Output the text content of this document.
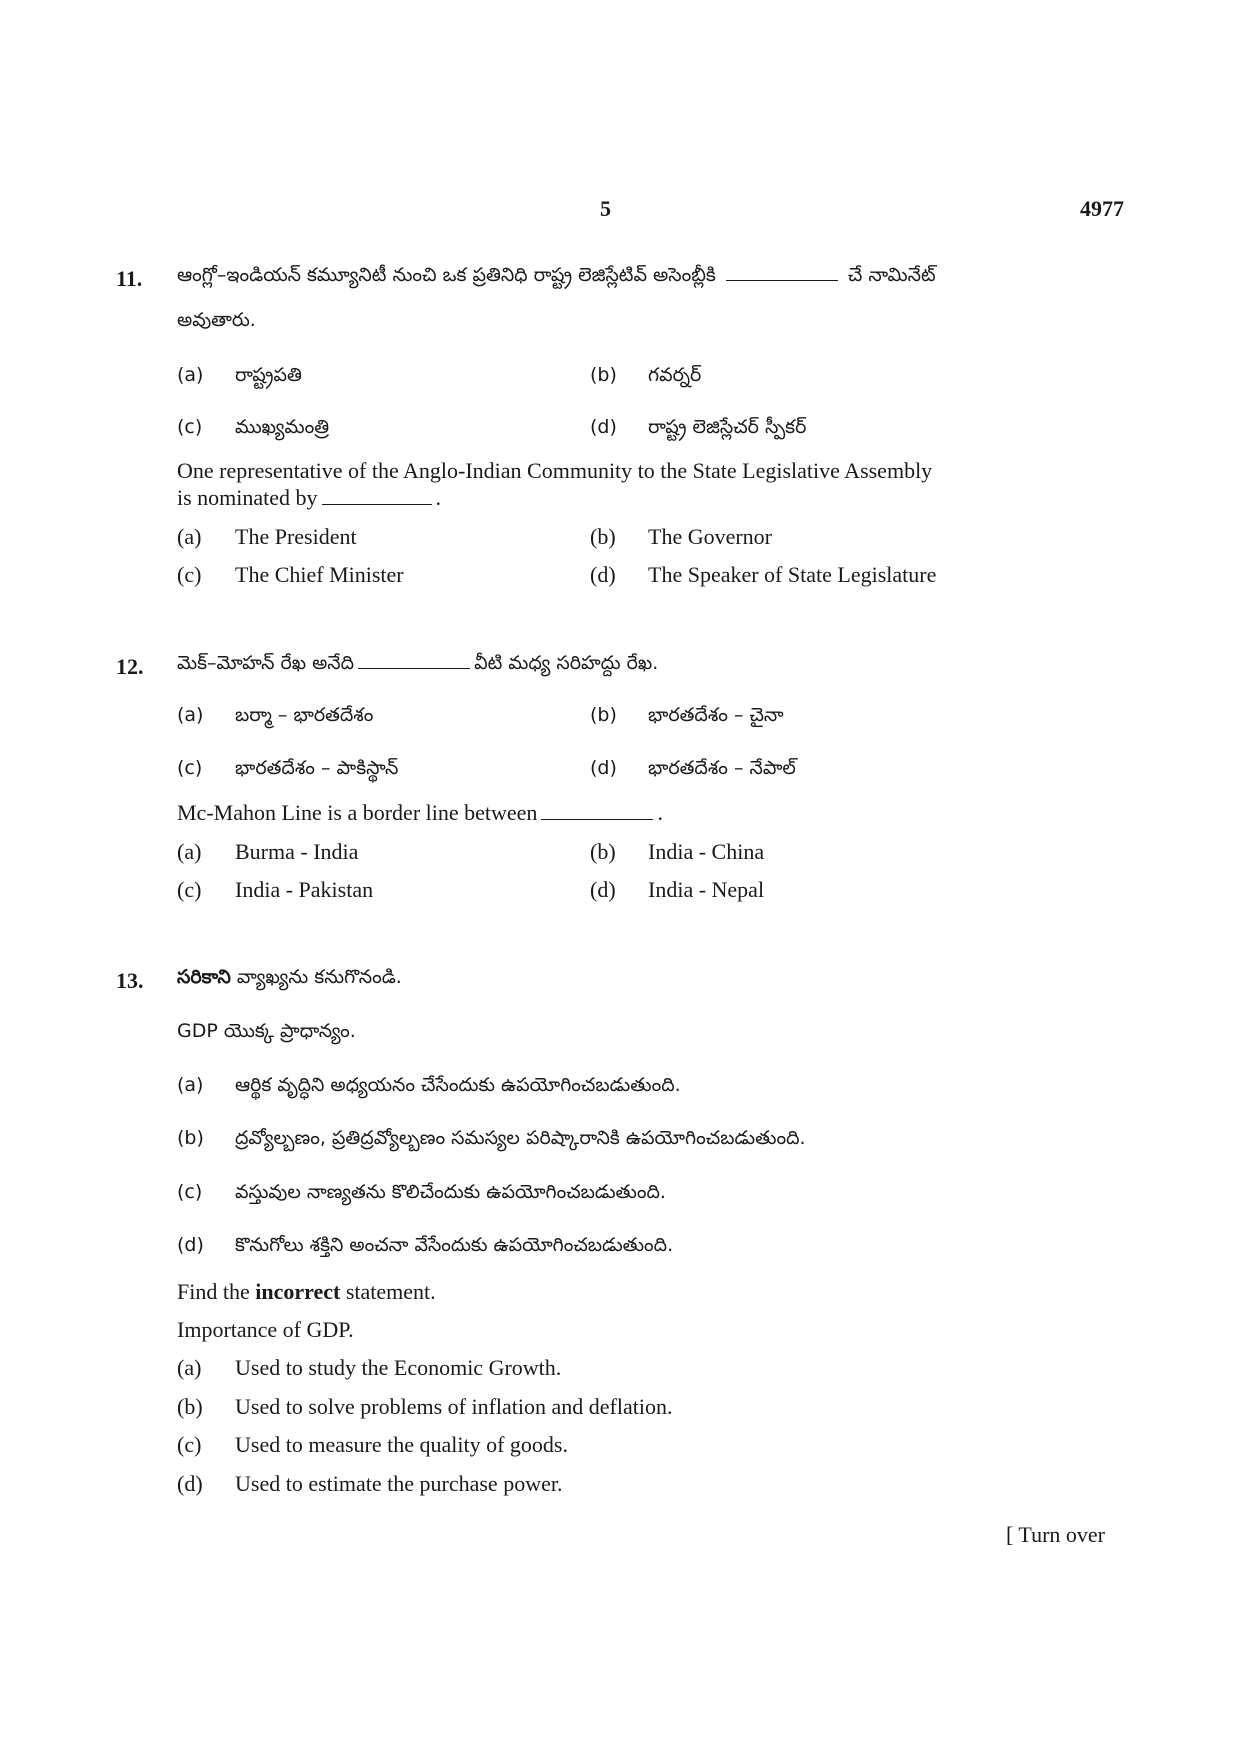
5	4977
11. ఆంగ్లో–ఇండియన్ కమ్యూనిటీ నుంచి ఒక ప్రతినిధి రాష్ట్ర లెజిస్లేటివ్ అసెంబ్లీకి	చే నామినేట్
అవుతారు.
(a) రాష్ట్రపతి	(b) గవర్నర్
(c) ముఖ్యమంత్రి	(d) రాష్ట్ర లెజిస్లేచర్ స్పీకర్
One representative of the Anglo-Indian Community to the State Legislative Assembly
is nominated by	.
(a) The President	(b) The Governor
(c) The Chief Minister	(d) The Speaker of State Legislature
12. మెక్–మోహన్ రేఖ అనేది	వీటి మధ్య సరిహద్దు రేఖ.
(a) బర్మా – భారతదేశం	(b) భారతదేశం – చైనా
(c) భారతదేశం – పాకిస్థాన్	(d) భారతదేశం – నేపాల్
Mc-Mahon Line is a border line between	.
(a) Burma - India	(b) India - China
(c) India - Pakistan	(d) India - Nepal
13. సరికాని వ్యాఖ్యను కనుగొనండి.
GDP యొక్క ప్రాధాన్యం.
(a) ఆర్థిక వృద్ధిని అధ్యయనం చేసేందుకు ఉపయోగించబడుతుంది.
(b) ద్రవ్యోల్బణం, ప్రతిద్రవ్యోల్బణం సమస్యల పరిష్కారానికి ఉపయోగించబడుతుంది.
(c) వస్తువుల నాణ్యతను కొలిచేందుకు ఉపయోగించబడుతుంది.
(d) కొనుగోలు శక్తిని అంచనా వేసేందుకు ఉపయోగించబడుతుంది.
Find the incorrect statement.
Importance of GDP.
(a) Used to study the Economic Growth.
(b) Used to solve problems of inflation and deflation.
(c) Used to measure the quality of goods.
(d) Used to estimate the purchase power.
[ Turn over
